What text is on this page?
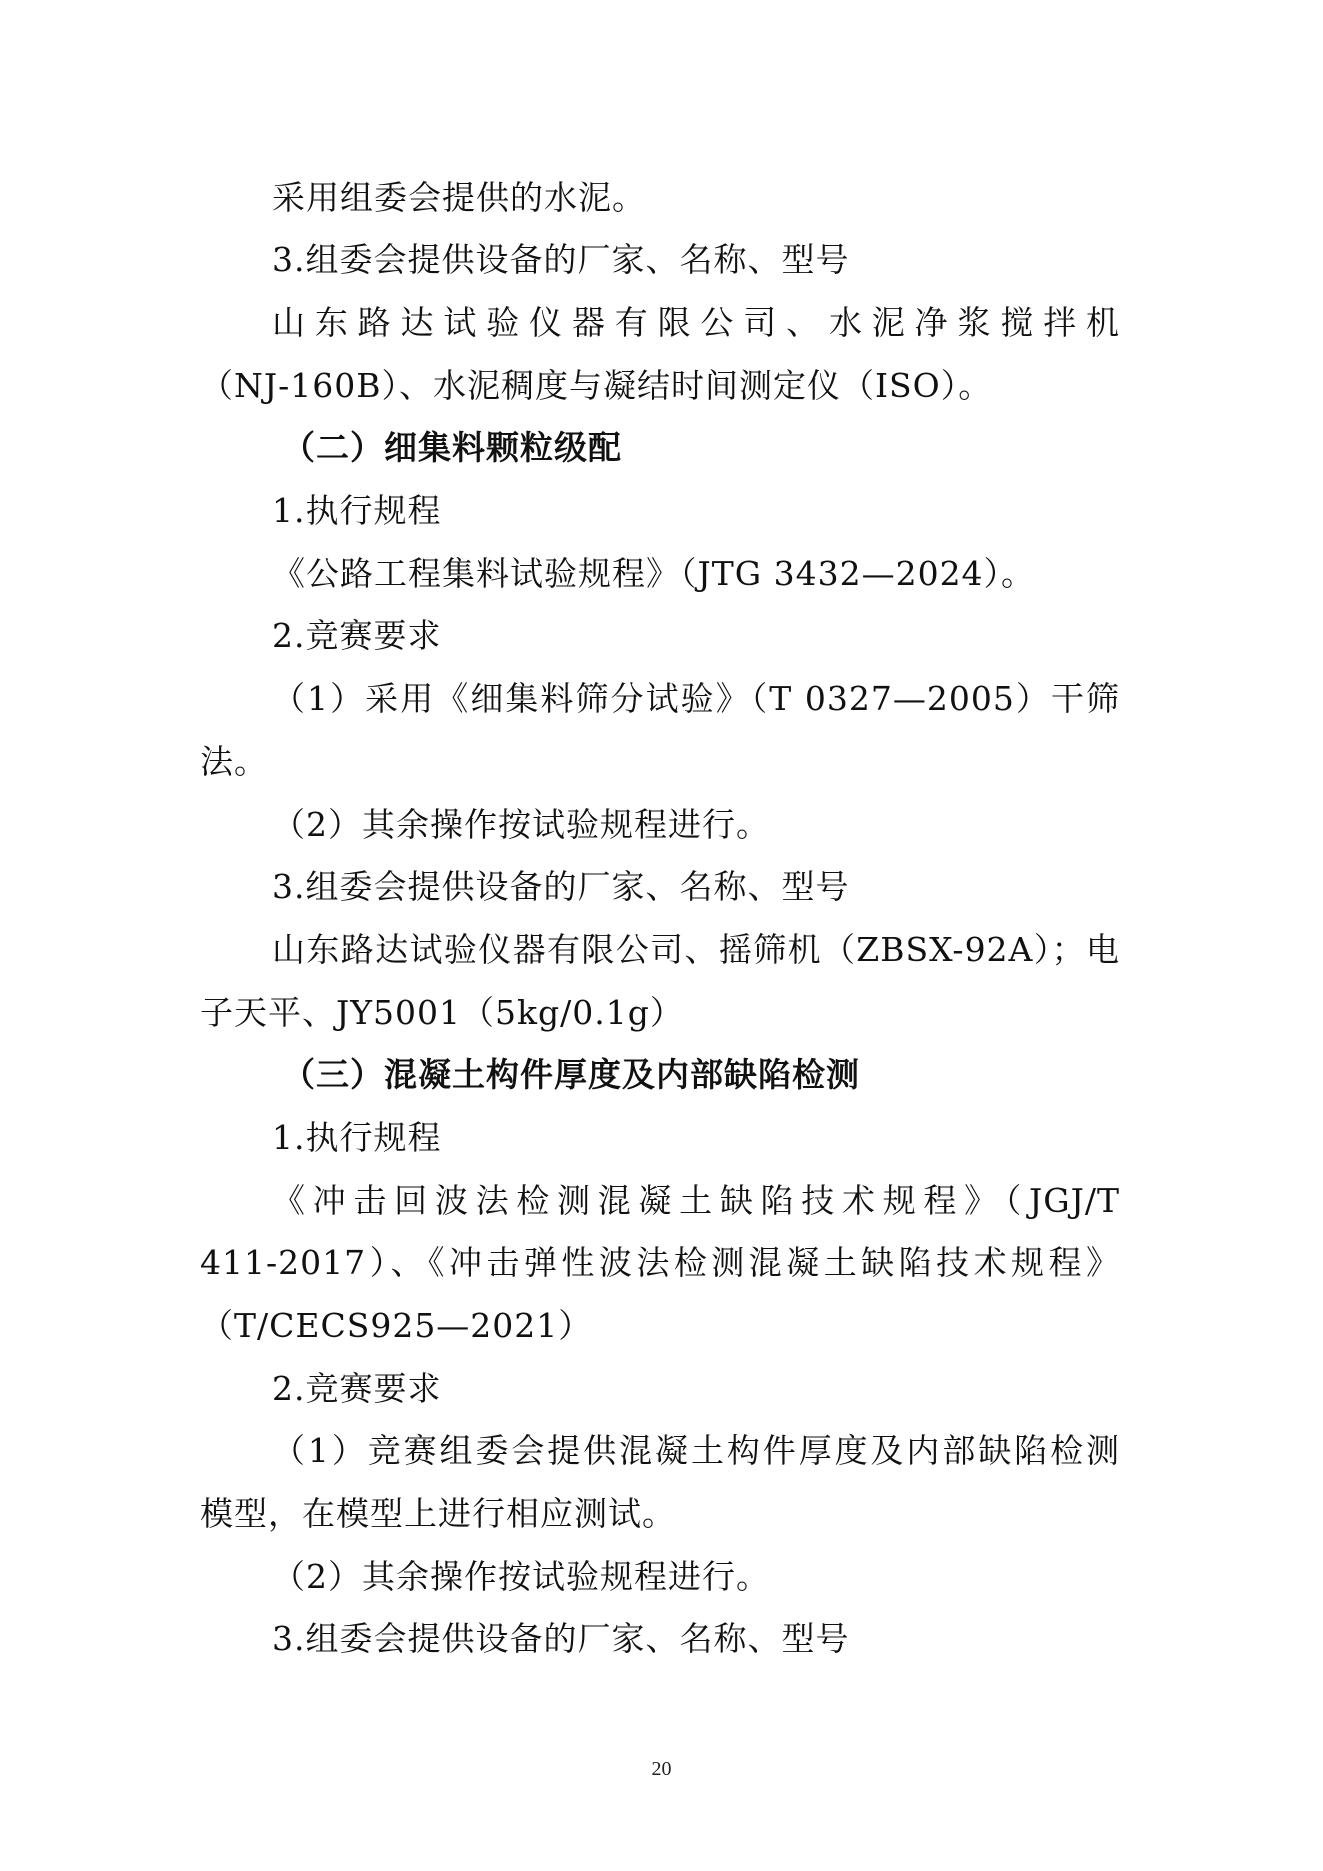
采用组委会提供的水泥。
3.组委会提供设备的厂家、名称、型号
山东路达试验仪器有限公司、水泥净浆搅拌机
（NJ-160B）、水泥稠度与凝结时间测定仪（ISO）。
（二）细集料颗粒级配
1.执行规程
《公路工程集料试验规程》（JTG 3432—2024）。
2.竞赛要求
（1）采用《细集料筛分试验》（T 0327—2005）干筛
法。
（2）其余操作按试验规程进行。
3.组委会提供设备的厂家、名称、型号
山东路达试验仪器有限公司、摇筛机（ZBSX-92A）；电
子天平、JY5001（5kg/0.1g）
（三）混凝土构件厚度及内部缺陷检测
1.执行规程
《冲击回波法检测混凝土缺陷技术规程》（JGJ/T
411-2017）、《冲击弹性波法检测混凝土缺陷技术规程》
（T/CECS925—2021）
2.竞赛要求
（1）竞赛组委会提供混凝土构件厚度及内部缺陷检测
模型，在模型上进行相应测试。
（2）其余操作按试验规程进行。
3.组委会提供设备的厂家、名称、型号
20
